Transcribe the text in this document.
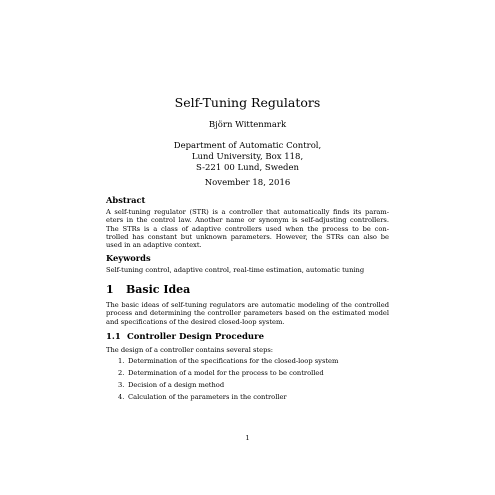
Self-Tuning Regulators
Björn Wittenmark
Department of Automatic Control,
Lund University, Box 118,
S-221 00 Lund, Sweden
November 18, 2016
Abstract
A self-tuning regulator (STR) is a controller that automatically finds its param-
eters in the control law. Another name or synonym is self-adjusting controllers.
The STRs is a class of adaptive controllers used when the process to be con-
trolled has constant but unknown parameters. However, the STRs can also be
used in an adaptive context.
Keywords
Self-tuning control, adaptive control, real-time estimation, automatic tuning
1 Basic Idea
The basic ideas of self-tuning regulators are automatic modeling of the controlled
process and determining the controller parameters based on the estimated model
and specifications of the desired closed-loop system.
1.1 Controller Design Procedure
The design of a controller contains several steps:
1. Determination of the specifications for the closed-loop system
2. Determination of a model for the process to be controlled
3. Decision of a design method
4. Calculation of the parameters in the controller
1
